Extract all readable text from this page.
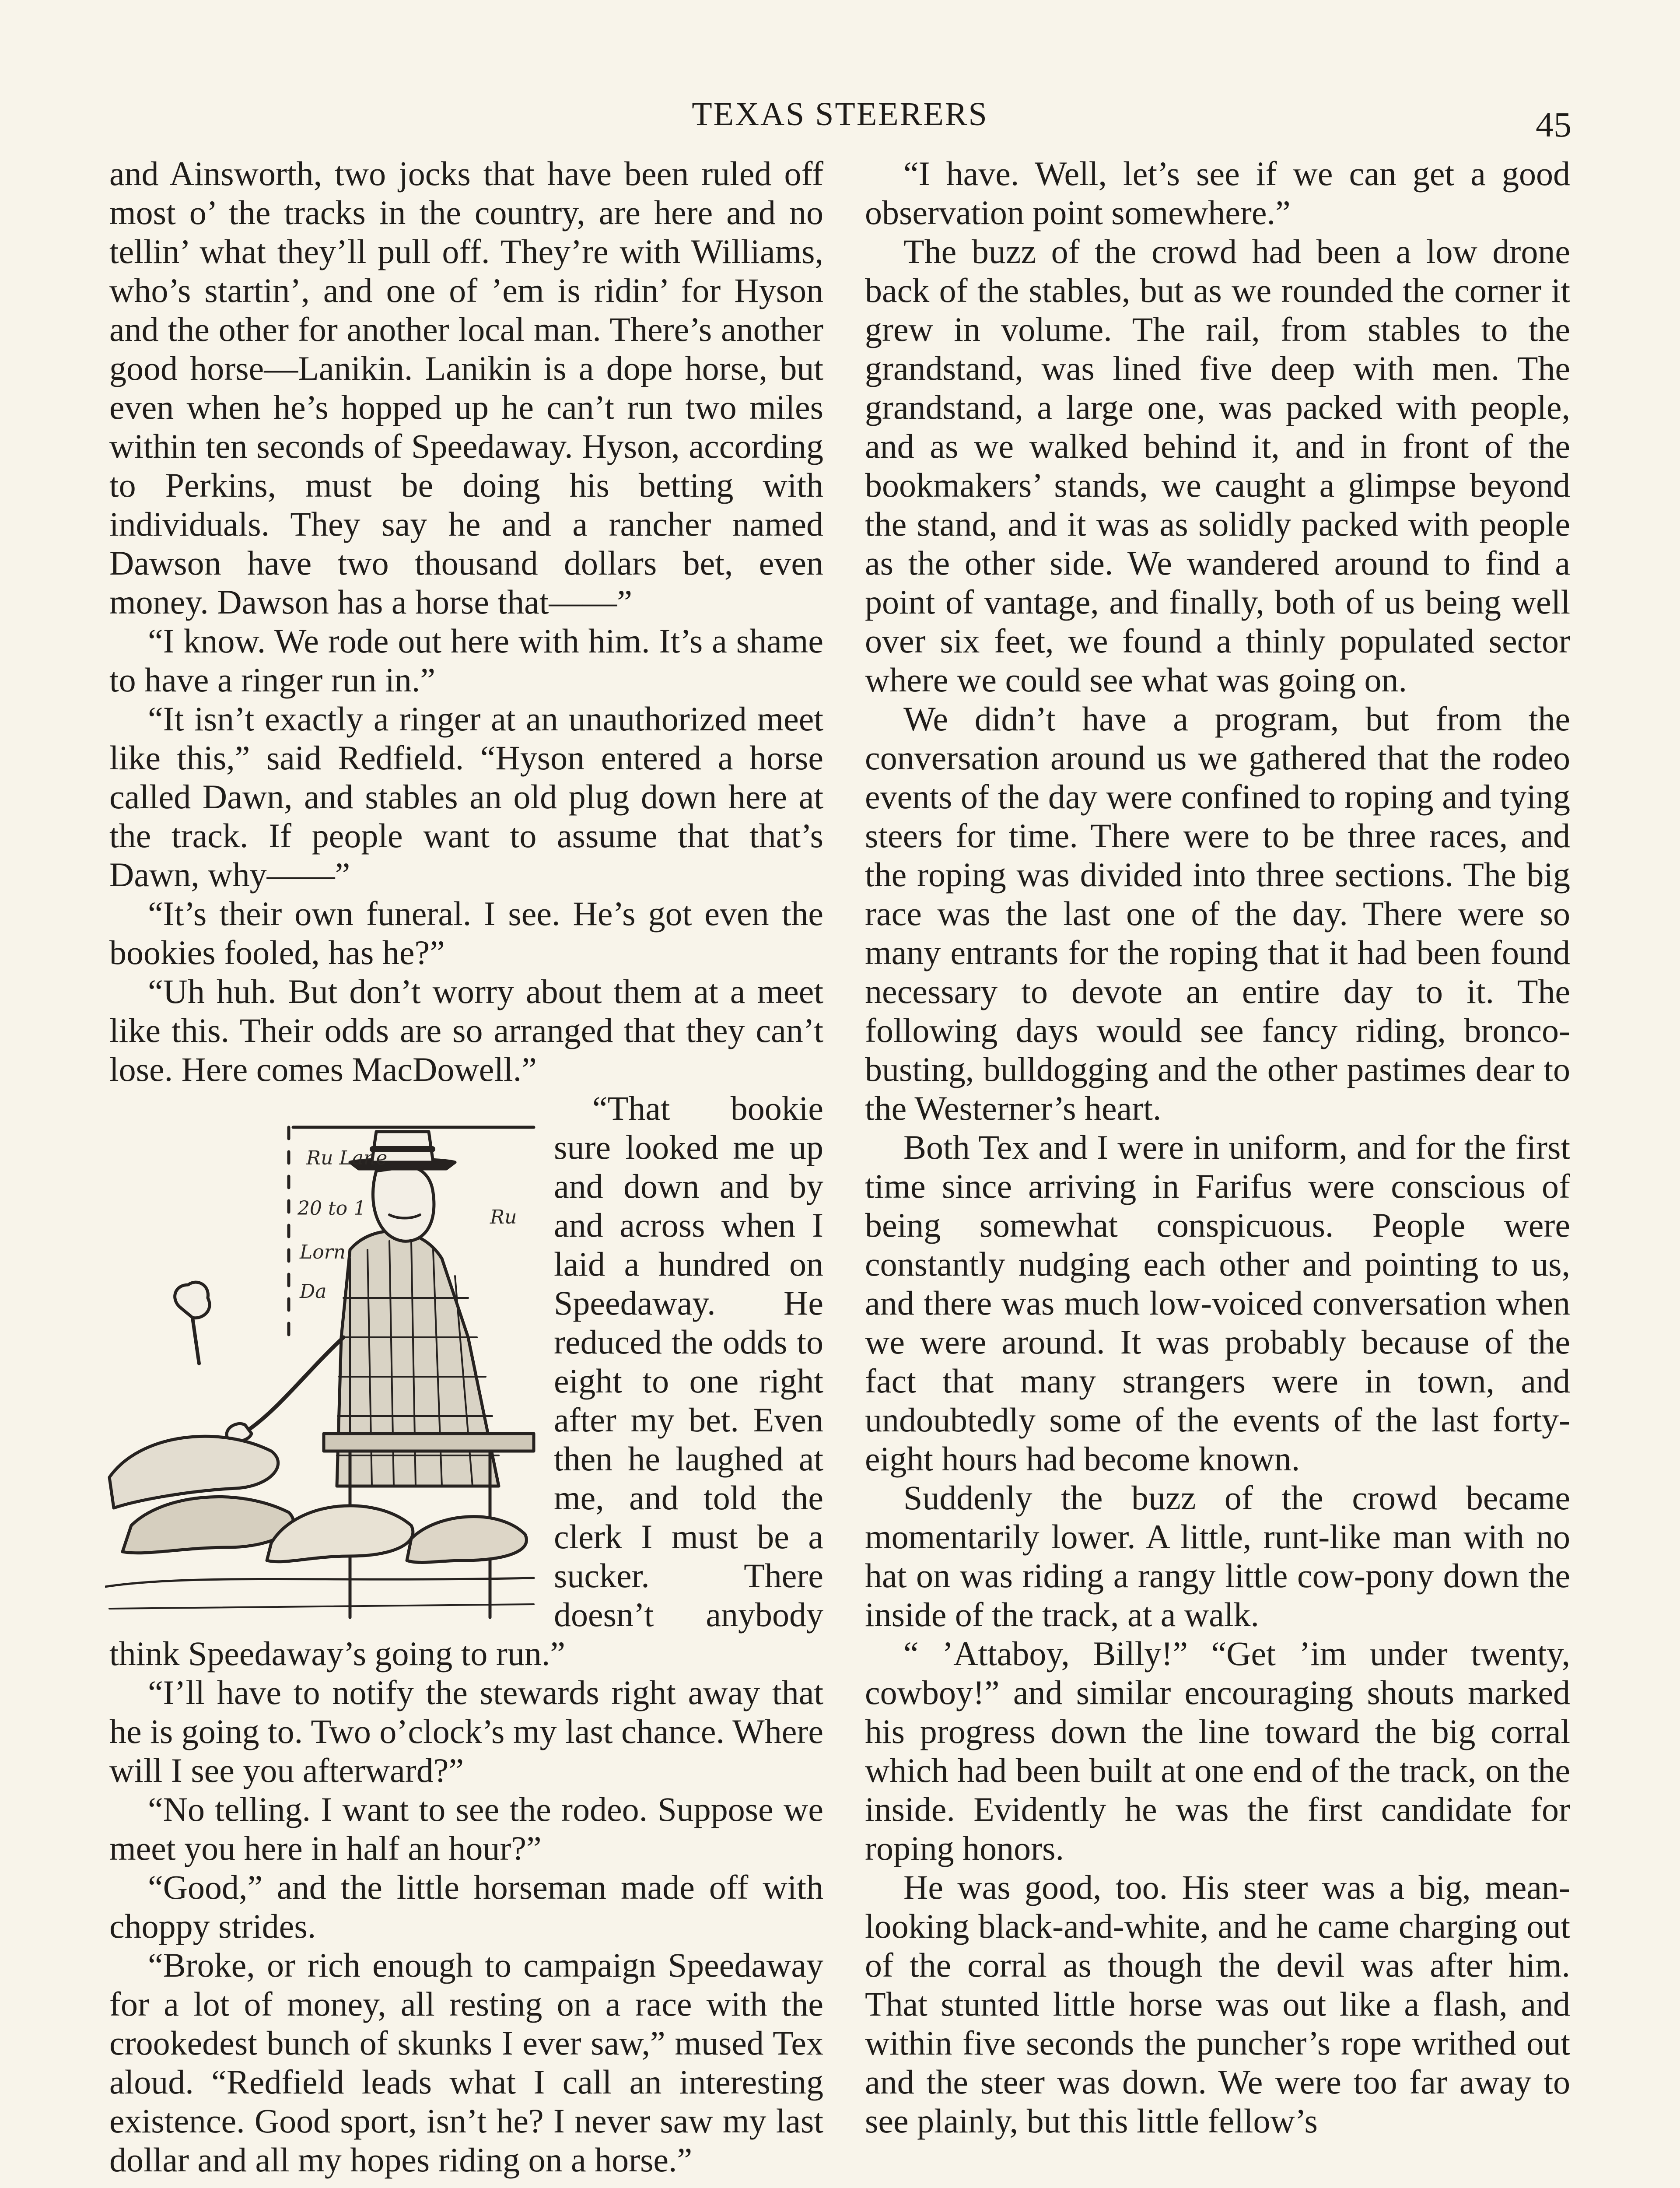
TEXAS STEERERS	45

and Ainsworth, two jocks that have been ruled off most o’ the tracks in the country, are here and no tellin’ what they’ll pull off. They’re with Williams, who’s startin’, and one of ’em is ridin’ for Hyson and the other for another local man. There’s another good horse—Lanikin. Lanikin is a dope horse, but even when he’s hopped up he can’t run two miles within ten seconds of Speedaway. Hyson, according to Perkins, must be doing his betting with individuals. They say he and a rancher named Dawson have two thousand dollars bet, even money. Dawson has a horse that——”

“I know. We rode out here with him. It’s a shame to have a ringer run in.”

“It isn’t exactly a ringer at an unauthorized meet like this,” said Redfield. “Hyson entered a horse called Dawn, and stables an old plug down here at the track. If people want to assume that that’s Dawn, why——”

“It’s their own funeral. I see. He’s got even the bookies fooled, has he?”

“Uh huh. But don’t worry about them at a meet like this. Their odds are so arranged that they can’t lose. Here comes MacDowell.”

Ru Lane
20 to 1
Lorn
Ru
Da
“That bookie sure looked me up and down and by and across when I laid a hundred on Speedaway. He reduced the odds to eight to one right after my bet. Even then he laughed at me, and told the clerk I must be a sucker. There doesn’t anybody think Speedaway’s going to run.”

“I’ll have to notify the stewards right away that he is going to. Two o’clock’s my last chance. Where will I see you afterward?”

“No telling. I want to see the rodeo. Suppose we meet you here in half an hour?”

“Good,” and the little horseman made off with choppy strides.

“Broke, or rich enough to campaign Speedaway for a lot of money, all resting on a race with the crookedest bunch of skunks I ever saw,” mused Tex aloud. “Redfield leads what I call an interesting existence. Good sport, isn’t he? I never saw my last dollar and all my hopes riding on a horse.”

“I have. Well, let’s see if we can get a good observation point somewhere.”

The buzz of the crowd had been a low drone back of the stables, but as we rounded the corner it grew in volume. The rail, from stables to the grandstand, was lined five deep with men. The grandstand, a large one, was packed with people, and as we walked behind it, and in front of the bookmakers’ stands, we caught a glimpse beyond the stand, and it was as solidly packed with people as the other side. We wandered around to find a point of vantage, and finally, both of us being well over six feet, we found a thinly populated sector where we could see what was going on.

We didn’t have a program, but from the conversation around us we gathered that the rodeo events of the day were confined to roping and tying steers for time. There were to be three races, and the roping was divided into three sections. The big race was the last one of the day. There were so many entrants for the roping that it had been found necessary to devote an entire day to it. The following days would see fancy riding, bronco-busting, bulldogging and the other pastimes dear to the Westerner’s heart.

Both Tex and I were in uniform, and for the first time since arriving in Farifus were conscious of being somewhat conspicuous. People were constantly nudging each other and pointing to us, and there was much low-voiced conversation when we were around. It was probably because of the fact that many strangers were in town, and undoubtedly some of the events of the last forty-eight hours had become known.

Suddenly the buzz of the crowd became momentarily lower. A little, runt-like man with no hat on was riding a rangy little cow-pony down the inside of the track, at a walk.

“ ’Attaboy, Billy!” “Get ’im under twenty, cowboy!” and similar encouraging shouts marked his progress down the line toward the big corral which had been built at one end of the track, on the inside. Evidently he was the first candidate for roping honors.

He was good, too. His steer was a big, mean-looking black-and-white, and he came charging out of the corral as though the devil was after him. That stunted little horse was out like a flash, and within five seconds the puncher’s rope writhed out and the steer was down. We were too far away to see plainly, but this little fellow’s
